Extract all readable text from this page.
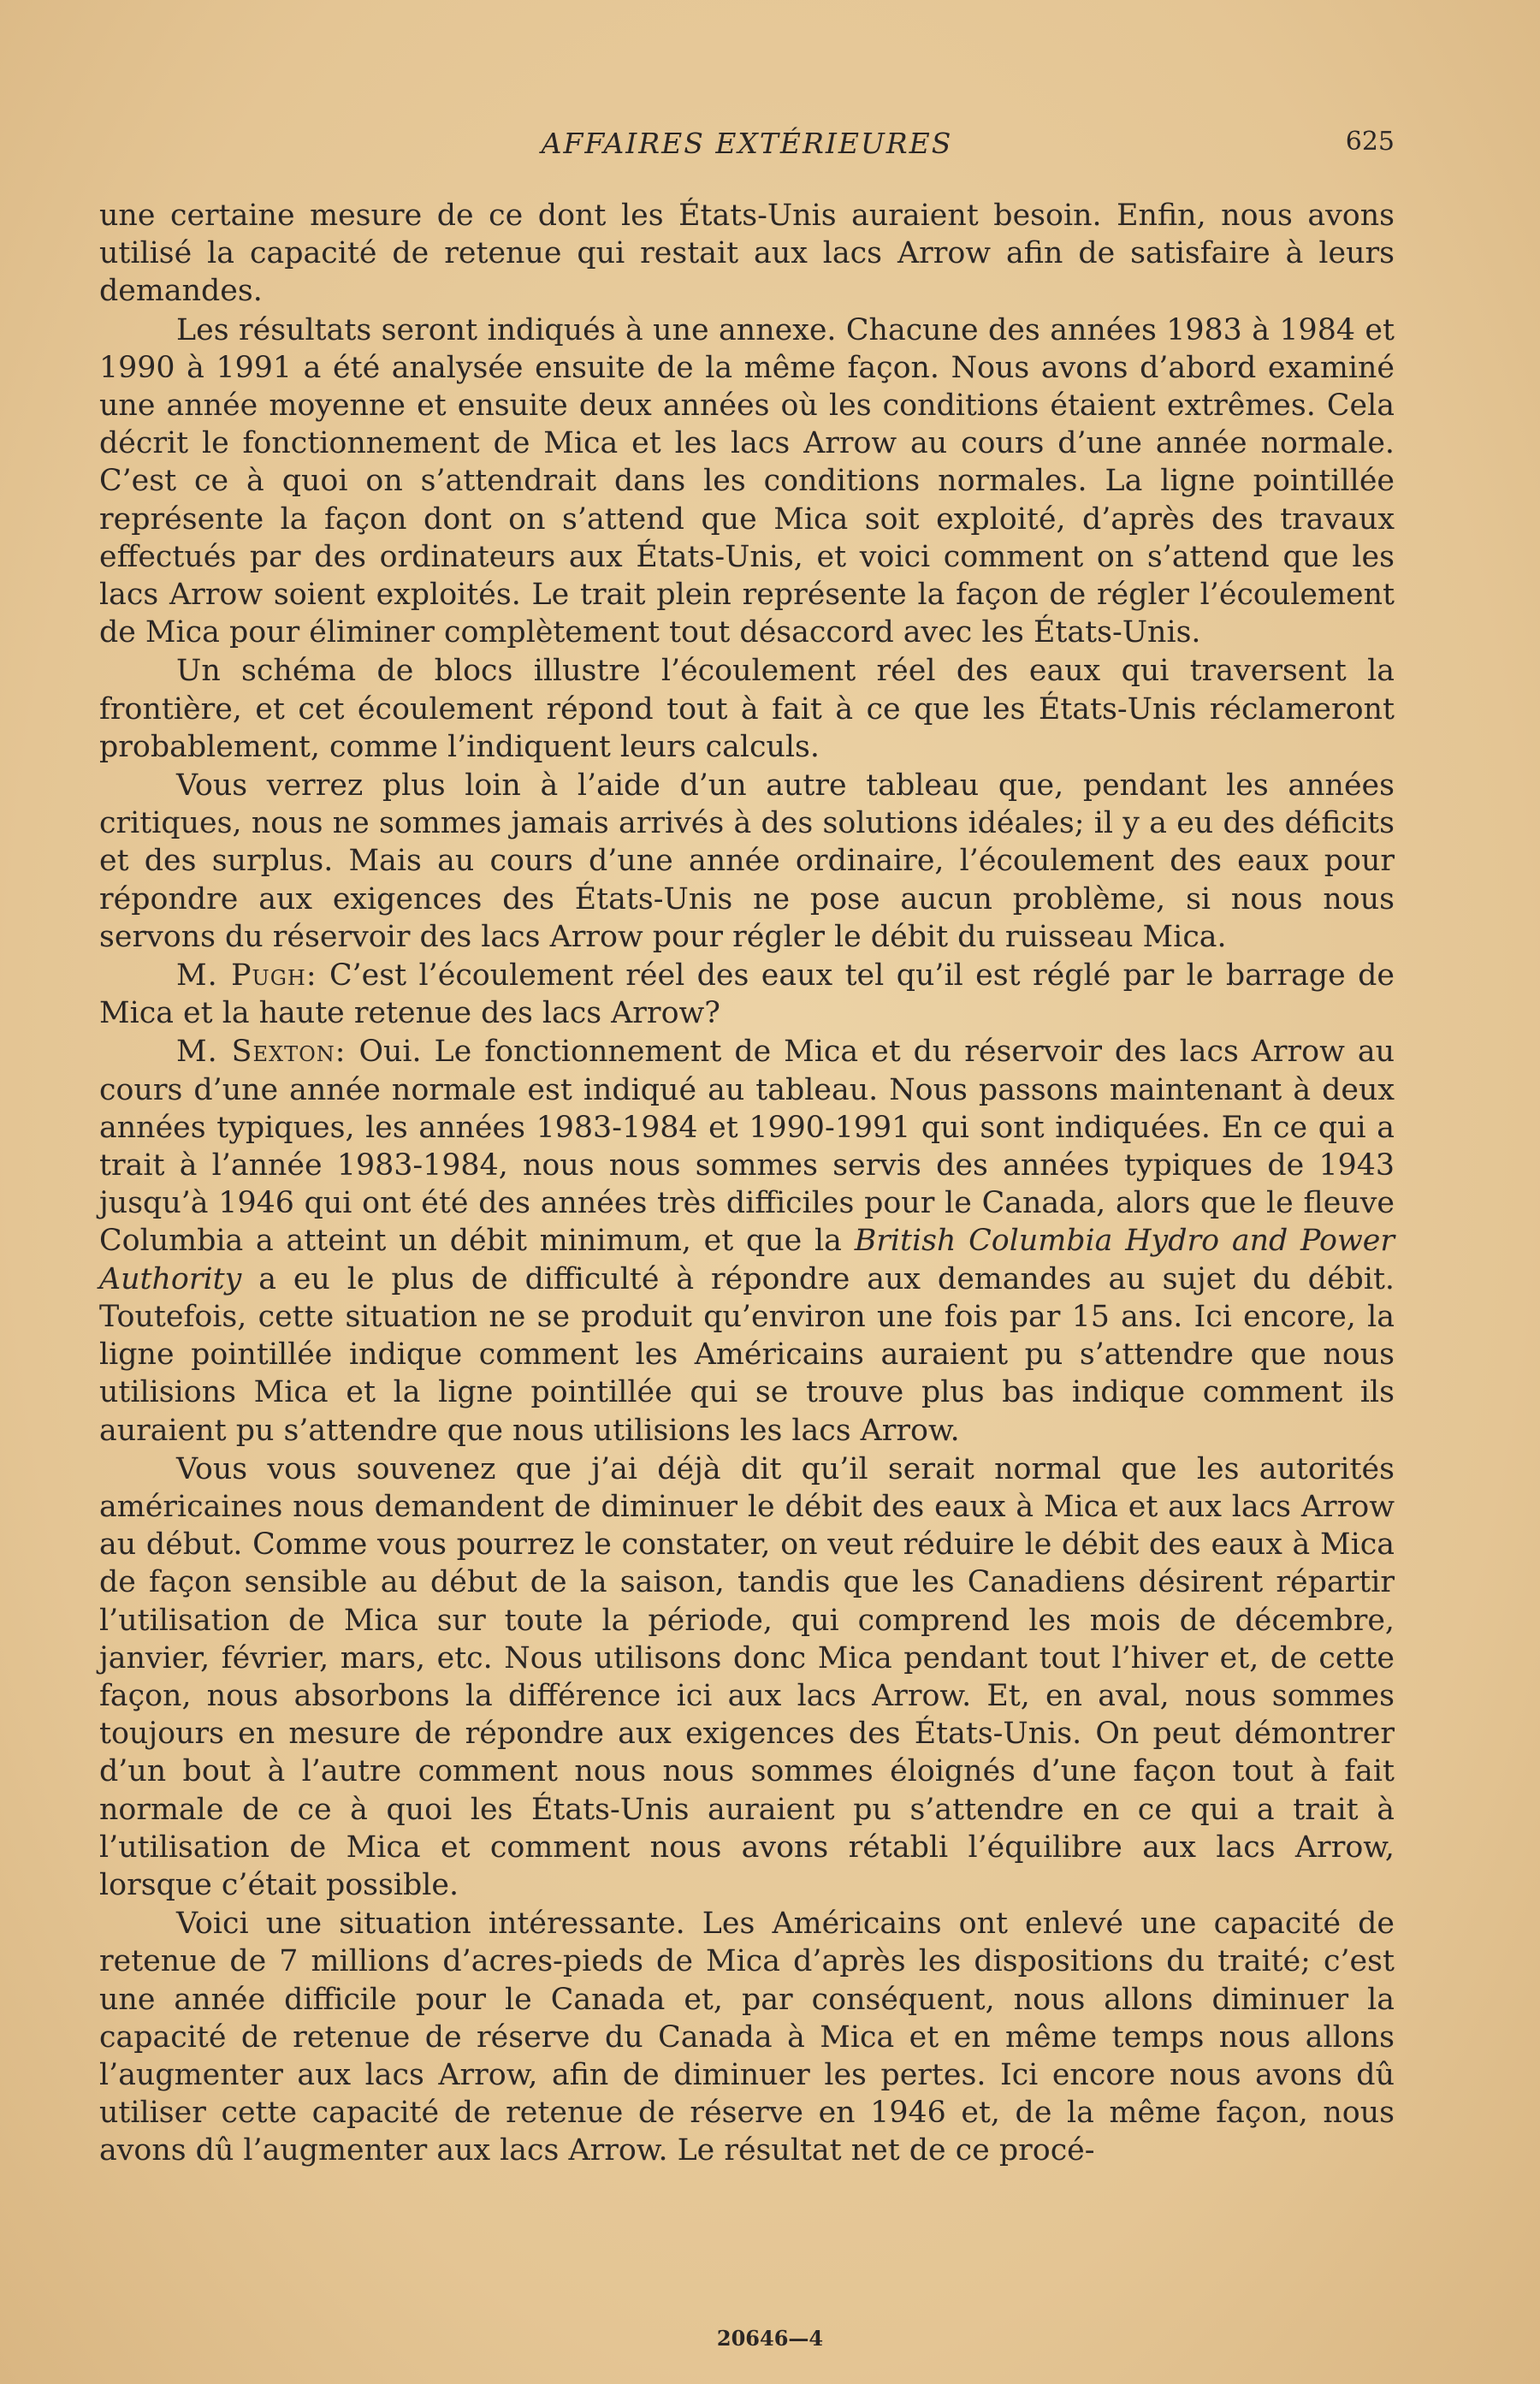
AFFAIRES EXTÉRIEURES	625

une certaine mesure de ce dont les États-Unis auraient besoin. Enfin, nous avons utilisé la capacité de retenue qui restait aux lacs Arrow afin de satisfaire à leurs demandes.

Les résultats seront indiqués à une annexe. Chacune des années 1983 à 1984 et 1990 à 1991 a été analysée ensuite de la même façon. Nous avons d’abord examiné une année moyenne et ensuite deux années où les conditions étaient extrêmes. Cela décrit le fonctionnement de Mica et les lacs Arrow au cours d’une année normale. C’est ce à quoi on s’attendrait dans les conditions normales. La ligne pointillée représente la façon dont on s’attend que Mica soit exploité, d’après des travaux effectués par des ordinateurs aux États-Unis, et voici comment on s’attend que les lacs Arrow soient exploités. Le trait plein représente la façon de régler l’écoulement de Mica pour éliminer complètement tout désaccord avec les États-Unis.

Un schéma de blocs illustre l’écoulement réel des eaux qui traversent la frontière, et cet écoulement répond tout à fait à ce que les États-Unis réclameront probablement, comme l’indiquent leurs calculs.

Vous verrez plus loin à l’aide d’un autre tableau que, pendant les années critiques, nous ne sommes jamais arrivés à des solutions idéales; il y a eu des déficits et des surplus. Mais au cours d’une année ordinaire, l’écoulement des eaux pour répondre aux exigences des États-Unis ne pose aucun problème, si nous nous servons du réservoir des lacs Arrow pour régler le débit du ruisseau Mica.

M. Pugh: C’est l’écoulement réel des eaux tel qu’il est réglé par le barrage de Mica et la haute retenue des lacs Arrow?

M. Sexton: Oui. Le fonctionnement de Mica et du réservoir des lacs Arrow au cours d’une année normale est indiqué au tableau. Nous passons maintenant à deux années typiques, les années 1983-1984 et 1990-1991 qui sont indiquées. En ce qui a trait à l’année 1983-1984, nous nous sommes servis des années typiques de 1943 jusqu’à 1946 qui ont été des années très difficiles pour le Canada, alors que le fleuve Columbia a atteint un débit minimum, et que la British Columbia Hydro and Power Authority a eu le plus de difficulté à répondre aux demandes au sujet du débit. Toutefois, cette situation ne se produit qu’environ une fois par 15 ans. Ici encore, la ligne pointillée indique comment les Américains auraient pu s’attendre que nous utilisions Mica et la ligne pointillée qui se trouve plus bas indique comment ils auraient pu s’attendre que nous utilisions les lacs Arrow.

Vous vous souvenez que j’ai déjà dit qu’il serait normal que les autorités américaines nous demandent de diminuer le débit des eaux à Mica et aux lacs Arrow au début. Comme vous pourrez le constater, on veut réduire le débit des eaux à Mica de façon sensible au début de la saison, tandis que les Canadiens désirent répartir l’utilisation de Mica sur toute la période, qui comprend les mois de décembre, janvier, février, mars, etc. Nous utilisons donc Mica pendant tout l’hiver et, de cette façon, nous absorbons la différence ici aux lacs Arrow. Et, en aval, nous sommes toujours en mesure de répondre aux exigences des États-Unis. On peut démontrer d’un bout à l’autre comment nous nous sommes éloignés d’une façon tout à fait normale de ce à quoi les États-Unis auraient pu s’attendre en ce qui a trait à l’utilisation de Mica et comment nous avons rétabli l’équilibre aux lacs Arrow, lorsque c’était possible.

Voici une situation intéressante. Les Américains ont enlevé une capacité de retenue de 7 millions d’acres-pieds de Mica d’après les dispositions du traité; c’est une année difficile pour le Canada et, par conséquent, nous allons diminuer la capacité de retenue de réserve du Canada à Mica et en même temps nous allons l’augmenter aux lacs Arrow, afin de diminuer les pertes. Ici encore nous avons dû utiliser cette capacité de retenue de réserve en 1946 et, de la même façon, nous avons dû l’augmenter aux lacs Arrow. Le résultat net de ce procé-

20646—4
